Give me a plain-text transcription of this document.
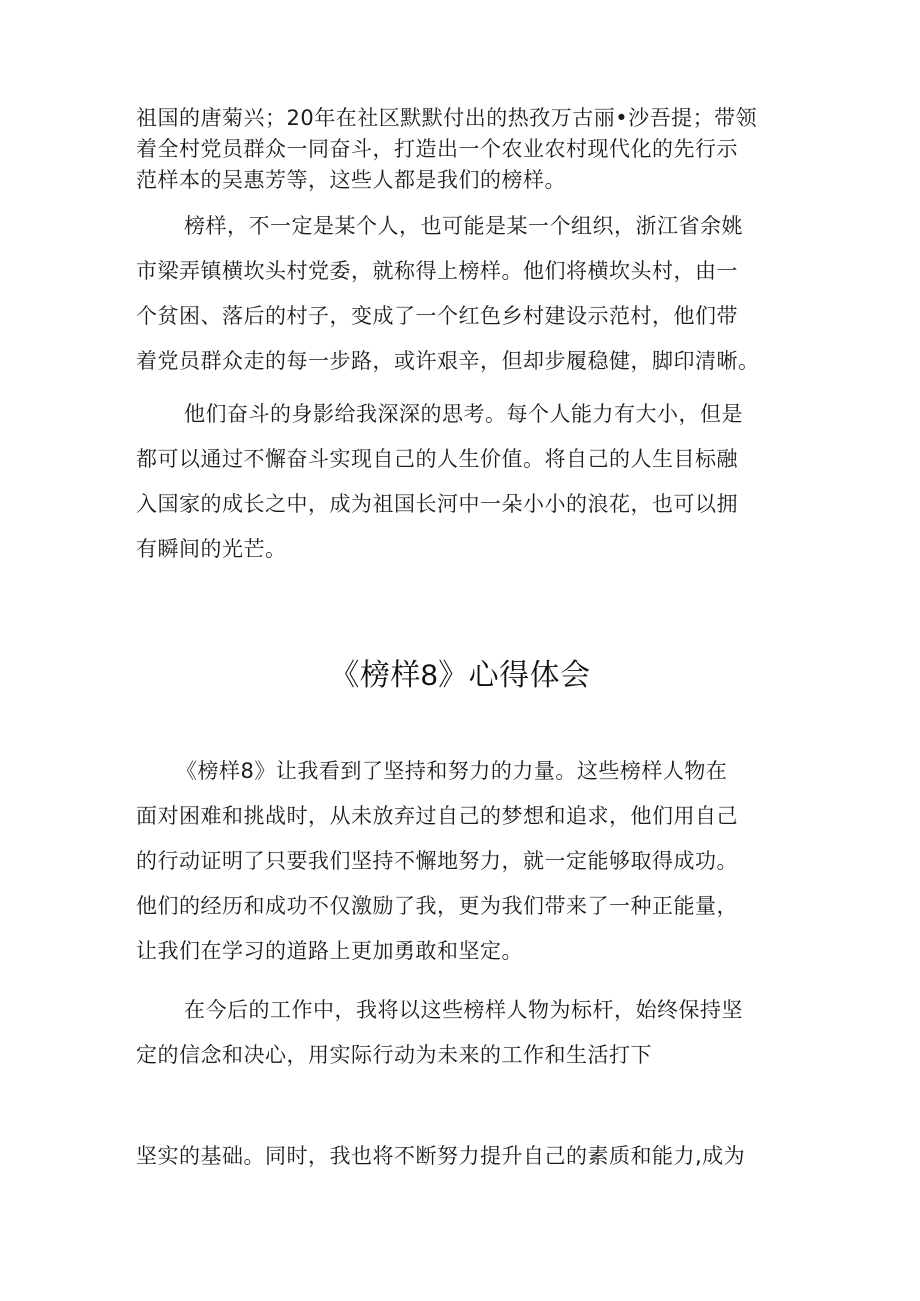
祖国的唐菊兴；20年在社区默默付出的热孜万古丽•沙吾提；带领
着全村党员群众一同奋斗，打造出一个农业农村现代化的先行示
范样本的吴惠芳等，这些人都是我们的榜样。
榜样，不一定是某个人，也可能是某一个组织，浙江省余姚
市梁弄镇横坎头村党委，就称得上榜样。他们将横坎头村，由一
个贫困、落后的村子，变成了一个红色乡村建设示范村，他们带
着党员群众走的每一步路，或许艰辛，但却步履稳健，脚印清晰。
他们奋斗的身影给我深深的思考。每个人能力有大小，但是
都可以通过不懈奋斗实现自己的人生价值。将自己的人生目标融
入国家的成长之中，成为祖国长河中一朵小小的浪花，也可以拥
有瞬间的光芒。
《榜样8》心得体会
《榜样8》让我看到了坚持和努力的力量。这些榜样人物在
面对困难和挑战时，从未放弃过自己的梦想和追求，他们用自己
的行动证明了只要我们坚持不懈地努力，就一定能够取得成功。
他们的经历和成功不仅激励了我，更为我们带来了一种正能量，
让我们在学习的道路上更加勇敢和坚定。
在今后的工作中，我将以这些榜样人物为标杆，始终保持坚
定的信念和决心，用实际行动为未来的工作和生活打下
坚实的基础。同时，我也将不断努力提升自己的素质和能力,成为
